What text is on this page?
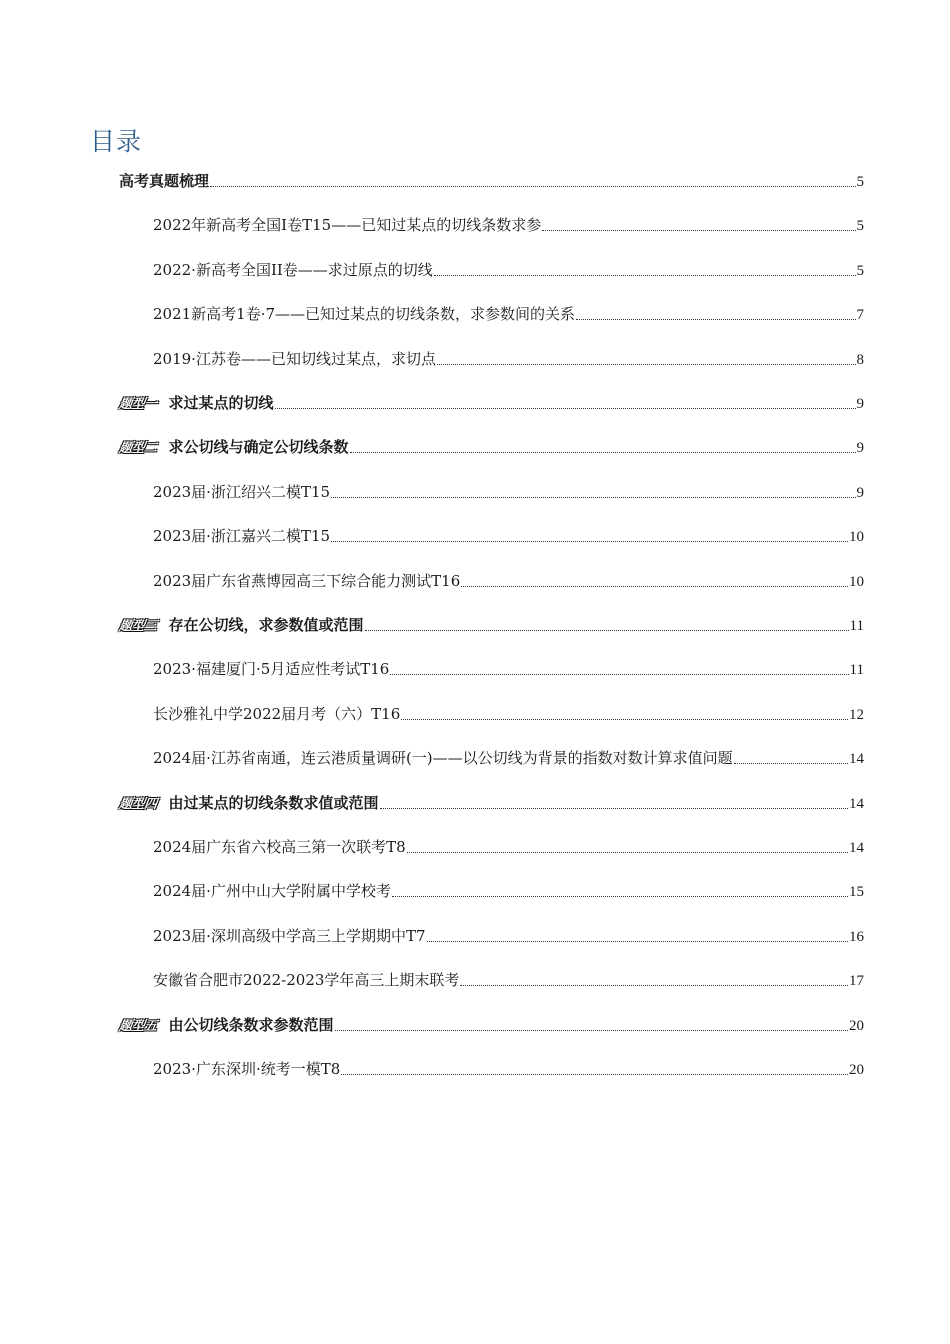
目录
高考真题梳理	5
2022年新高考全国I卷T15——已知过某点的切线条数求参	5
2022·新高考全国II卷——求过原点的切线	5
2021新高考1卷·7——已知过某点的切线条数，求参数间的关系	7
2019·江苏卷——已知切线过某点，求切点	8
题型一 求过某点的切线	9
题型二 求公切线与确定公切线条数	9
2023届·浙江绍兴二模T15	9
2023届·浙江嘉兴二模T15	10
2023届广东省燕博园高三下综合能力测试T16	10
题型三 存在公切线，求参数值或范围	11
2023·福建厦门·5月适应性考试T16	11
长沙雅礼中学2022届月考（六）T16	12
2024届·江苏省南通，连云港质量调研(一)——以公切线为背景的指数对数计算求值问题	14
题型四 由过某点的切线条数求值或范围	14
2024届广东省六校高三第一次联考T8	14
2024届·广州中山大学附属中学校考	15
2023届·深圳高级中学高三上学期期中T7	16
安徽省合肥市2022-2023学年高三上期末联考	17
题型五 由公切线条数求参数范围	20
2023·广东深圳·统考一模T8	20
